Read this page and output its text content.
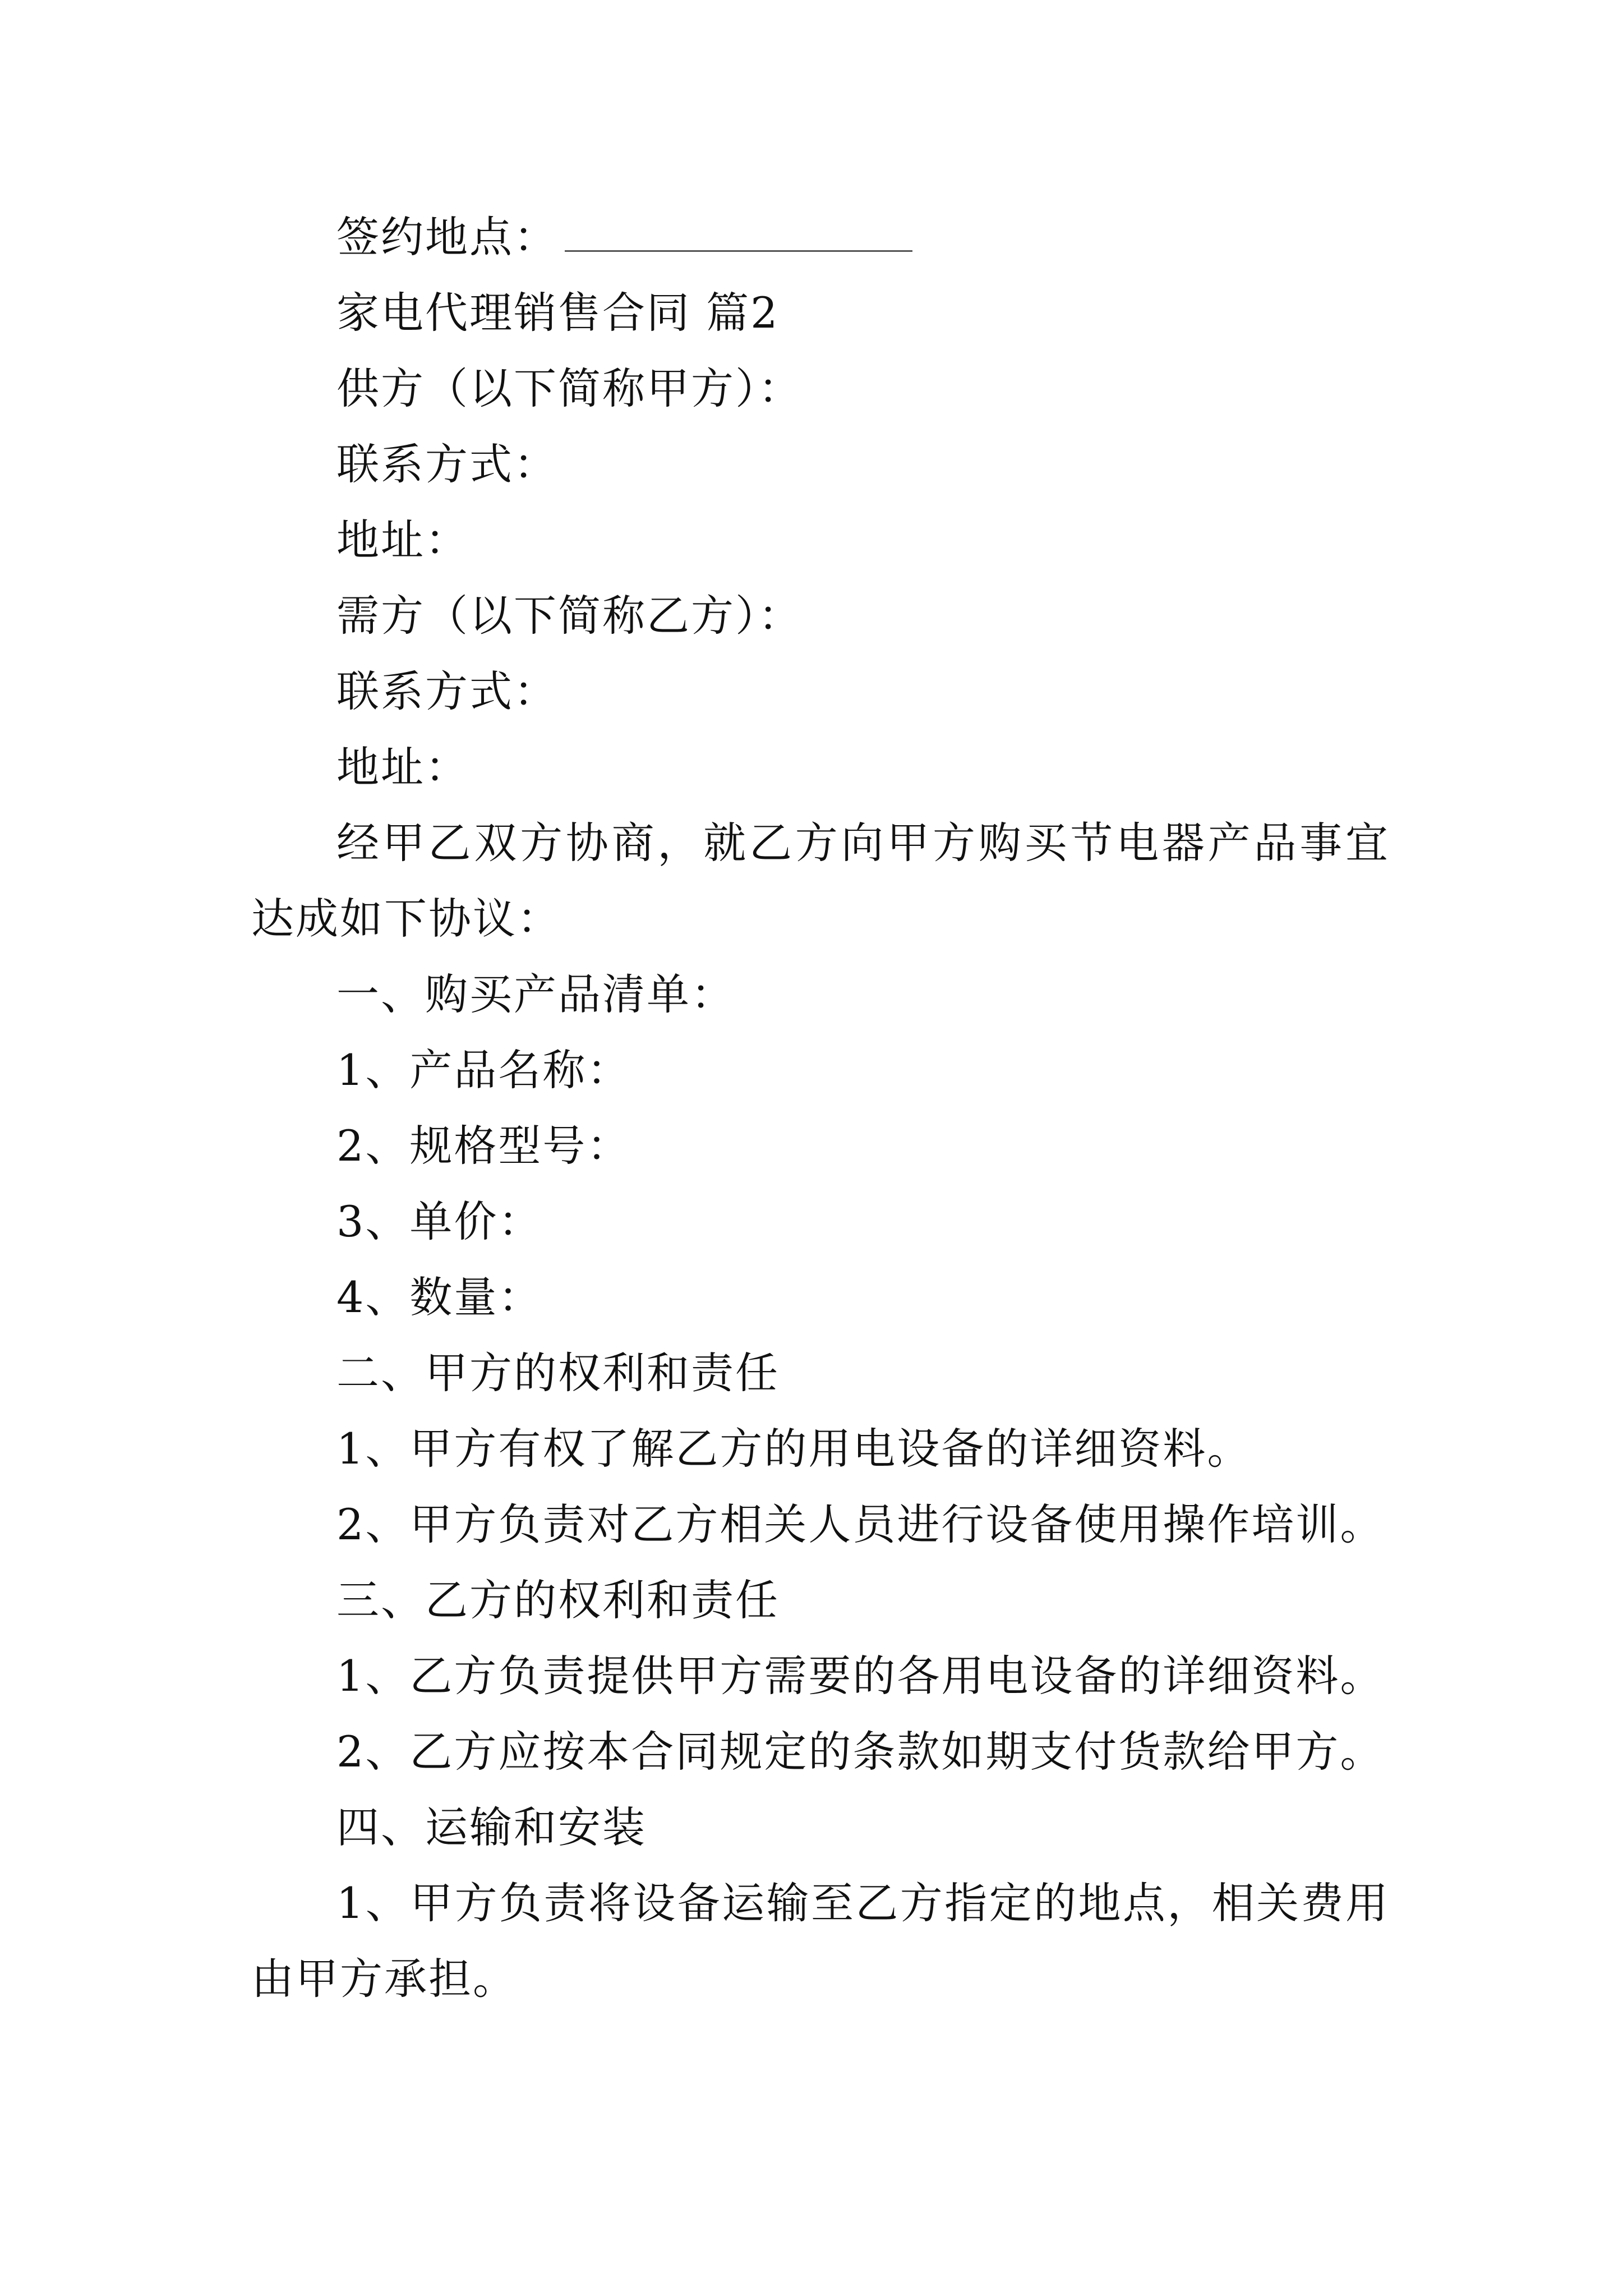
签约地点：

家电代理销售合同 篇2

供方（以下简称甲方）：

联系方式：

地址：

需方（以下简称乙方）：

联系方式：

地址：

经甲乙双方协商，就乙方向甲方购买节电器产品事宜达成如下协议：

一、购买产品清单：

1、产品名称：

2、规格型号：

3、单价：

4、数量：

二、甲方的权利和责任

1、甲方有权了解乙方的用电设备的详细资料。

2、甲方负责对乙方相关人员进行设备使用操作培训。

三、乙方的权利和责任

1、乙方负责提供甲方需要的各用电设备的详细资料。

2、乙方应按本合同规定的条款如期支付货款给甲方。

四、运输和安装

1、甲方负责将设备运输至乙方指定的地点，相关费用由甲方承担。
